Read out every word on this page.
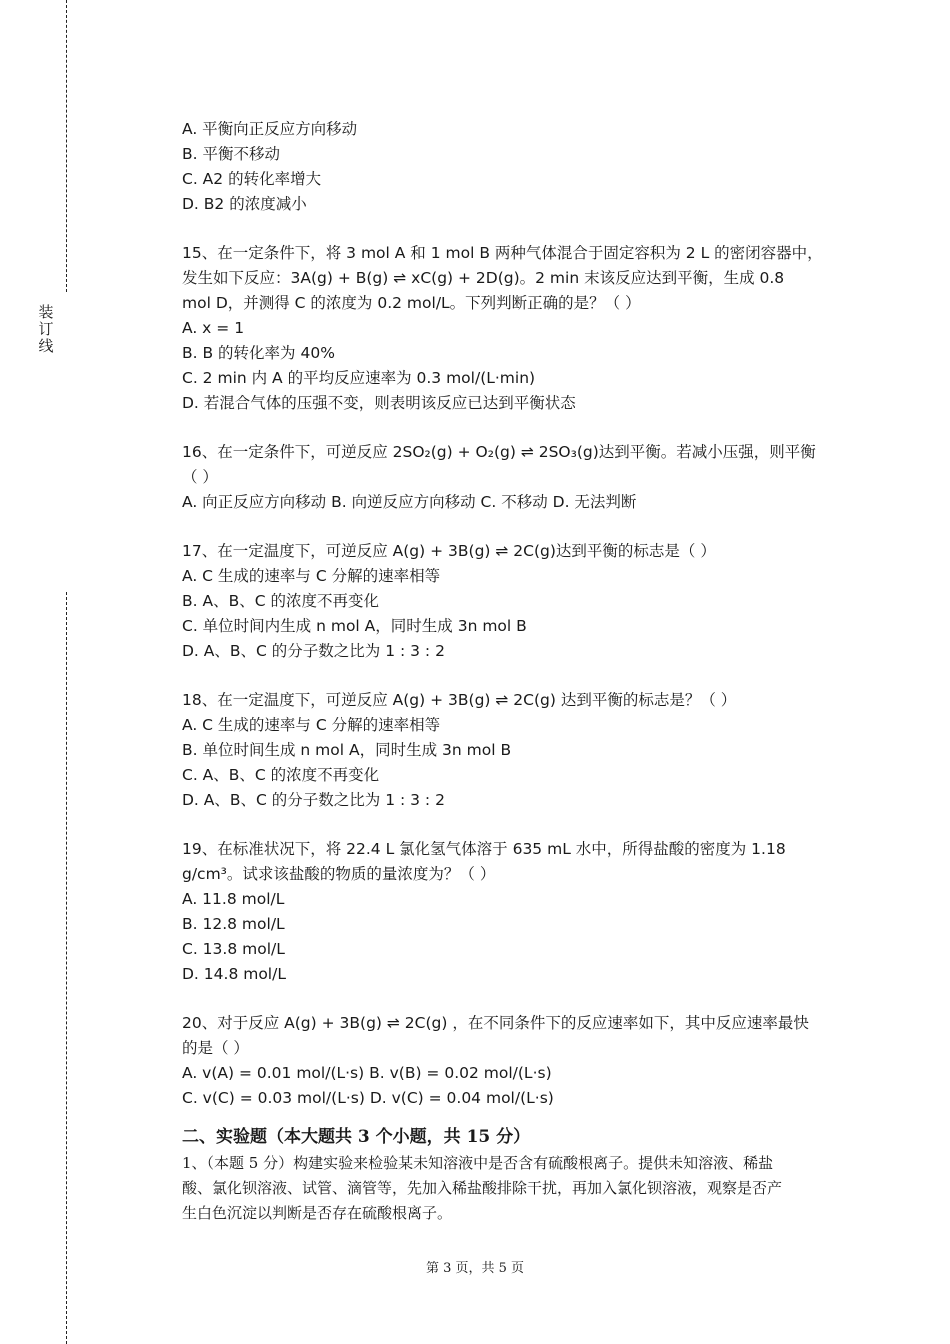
装
订
线
A. 平衡向正反应方向移动
B. 平衡不移动
C. A2 的转化率增大
D. B2 的浓度减小
15、在一定条件下，将 3 mol A 和 1 mol B 两种气体混合于固定容积为 2 L 的密闭容器中，
发生如下反应：3A(g) + B(g) ⇌ xC(g) + 2D(g)。2 min 末该反应达到平衡，生成 0.8
mol D，并测得 C 的浓度为 0.2 mol/L。下列判断正确的是？（ ）
A. x = 1
B. B 的转化率为 40%
C. 2 min 内 A 的平均反应速率为 0.3 mol/(L·min)
D. 若混合气体的压强不变，则表明该反应已达到平衡状态
16、在一定条件下，可逆反应 2SO₂(g) + O₂(g) ⇌ 2SO₃(g)达到平衡。若减小压强，则平衡
（ ）
A. 向正反应方向移动 B. 向逆反应方向移动 C. 不移动 D. 无法判断
17、在一定温度下，可逆反应 A(g) + 3B(g) ⇌ 2C(g)达到平衡的标志是（ ）
A. C 生成的速率与 C 分解的速率相等
B. A、B、C 的浓度不再变化
C. 单位时间内生成 n mol A，同时生成 3n mol B
D. A、B、C 的分子数之比为 1 : 3 : 2
18、在一定温度下，可逆反应 A(g) + 3B(g) ⇌ 2C(g) 达到平衡的标志是？（ ）
A. C 生成的速率与 C 分解的速率相等
B. 单位时间生成 n mol A，同时生成 3n mol B
C. A、B、C 的浓度不再变化
D. A、B、C 的分子数之比为 1 : 3 : 2
19、在标准状况下，将 22.4 L 氯化氢气体溶于 635 mL 水中，所得盐酸的密度为 1.18
g/cm³。试求该盐酸的物质的量浓度为？（ ）
A. 11.8 mol/L
B. 12.8 mol/L
C. 13.8 mol/L
D. 14.8 mol/L
20、对于反应 A(g) + 3B(g) ⇌ 2C(g) ，在不同条件下的反应速率如下，其中反应速率最快
的是（ ）
A. v(A) = 0.01 mol/(L·s) B. v(B) = 0.02 mol/(L·s)
C. v(C) = 0.03 mol/(L·s) D. v(C) = 0.04 mol/(L·s)
二、实验题（本大题共 3 个小题，共 15 分）
1、（本题 5 分）构建实验来检验某未知溶液中是否含有硫酸根离子。提供未知溶液、稀盐
酸、氯化钡溶液、试管、滴管等，先加入稀盐酸排除干扰，再加入氯化钡溶液，观察是否产
生白色沉淀以判断是否存在硫酸根离子。
第 3 页，共 5 页
